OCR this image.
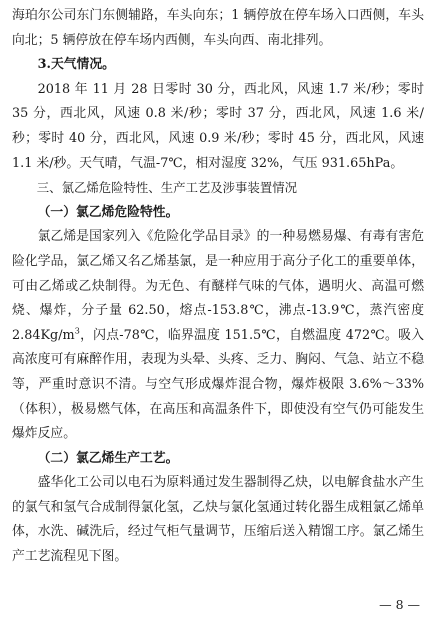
海珀尔公司东门东侧辅路，车头向东；1 辆停放在停车场入口西侧，车头向北；5 辆停放在停车场内西侧，车头向西、南北排列。

3.天气情况。

2018 年 11 月 28 日零时 30 分，西北风，风速 1.7 米/秒；零时 35 分，西北风，风速 0.8 米/秒；零时 37 分，西北风，风速 1.6 米/秒；零时 40 分，西北风，风速 0.9 米/秒；零时 45 分，西北风，风速 1.1 米/秒。天气晴，气温-7℃，相对湿度 32%，气压 931.65hPa。

三、氯乙烯危险特性、生产工艺及涉事装置情况

（一）氯乙烯危险特性。

氯乙烯是国家列入《危险化学品目录》的一种易燃易爆、有毒有害危险化学品，氯乙烯又名乙烯基氯，是一种应用于高分子化工的重要单体，可由乙烯或乙炔制得。为无色、有醚样气味的气体，遇明火、高温可燃烧、爆炸，分子量 62.50，熔点-153.8℃，沸点-13.9℃，蒸汽密度 $2.84Kg/m^3$，闪点-78℃，临界温度 151.5℃，自燃温度 472℃。吸入高浓度可有麻醉作用，表现为头晕、头疼、乏力、胸闷、气急、站立不稳等，严重时意识不清。与空气形成爆炸混合物，爆炸极限 3.6%～33%（体积），极易燃气体，在高压和高温条件下，即使没有空气仍可能发生爆炸反应。

（二）氯乙烯生产工艺。

盛华化工公司以电石为原料通过发生器制得乙炔，以电解食盐水产生的氯气和氢气合成制得氯化氢，乙炔与氯化氢通过转化器生成粗氯乙烯单体，水洗、碱洗后，经过气柜气量调节，压缩后送入精馏工序。氯乙烯生产工艺流程见下图。

— 8 —
